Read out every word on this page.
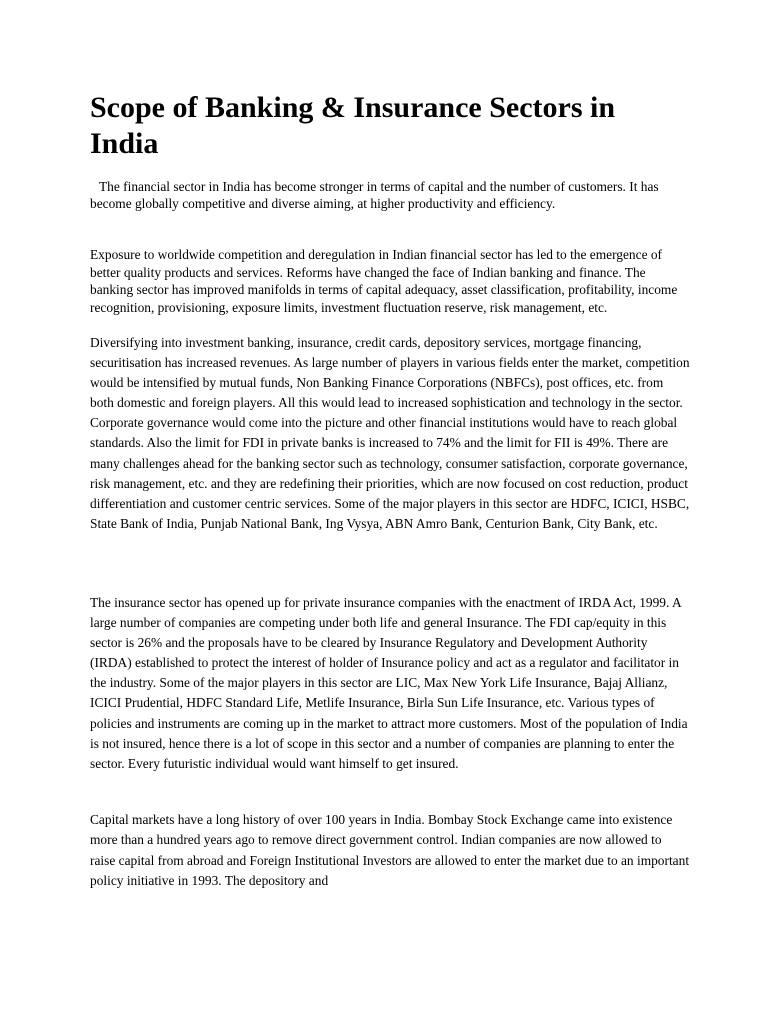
Scope of Banking & Insurance Sectors in India

The financial sector in India has become stronger in terms of capital and the number of customers. It has become globally competitive and diverse aiming, at higher productivity and efficiency.

Exposure to worldwide competition and deregulation in Indian financial sector has led to the emergence of better quality products and services. Reforms have changed the face of Indian banking and finance. The banking sector has improved manifolds in terms of capital adequacy, asset classification, profitability, income recognition, provisioning, exposure limits, investment fluctuation reserve, risk management, etc.

Diversifying into investment banking, insurance, credit cards, depository services, mortgage financing, securitisation has increased revenues. As large number of players in various fields enter the market, competition would be intensified by mutual funds, Non Banking Finance Corporations (NBFCs), post offices, etc. from both domestic and foreign players. All this would lead to increased sophistication and technology in the sector. Corporate governance would come into the picture and other financial institutions would have to reach global standards. Also the limit for FDI in private banks is increased to 74% and the limit for FII is 49%. There are many challenges ahead for the banking sector such as technology, consumer satisfaction, corporate governance, risk management, etc. and they are redefining their priorities, which are now focused on cost reduction, product differentiation and customer centric services. Some of the major players in this sector are HDFC, ICICI, HSBC, State Bank of India, Punjab National Bank, Ing Vysya, ABN Amro Bank, Centurion Bank, City Bank, etc.

The insurance sector has opened up for private insurance companies with the enactment of IRDA Act, 1999. A large number of companies are competing under both life and general Insurance. The FDI cap/equity in this sector is 26% and the proposals have to be cleared by Insurance Regulatory and Development Authority (IRDA) established to protect the interest of holder of Insurance policy and act as a regulator and facilitator in the industry. Some of the major players in this sector are LIC, Max New York Life Insurance, Bajaj Allianz, ICICI Prudential, HDFC Standard Life, Metlife Insurance, Birla Sun Life Insurance, etc. Various types of policies and instruments are coming up in the market to attract more customers. Most of the population of India is not insured, hence there is a lot of scope in this sector and a number of companies are planning to enter the sector. Every futuristic individual would want himself to get insured.

Capital markets have a long history of over 100 years in India. Bombay Stock Exchange came into existence more than a hundred years ago to remove direct government control. Indian companies are now allowed to raise capital from abroad and Foreign Institutional Investors are allowed to enter the market due to an important policy initiative in 1993. The depository and
